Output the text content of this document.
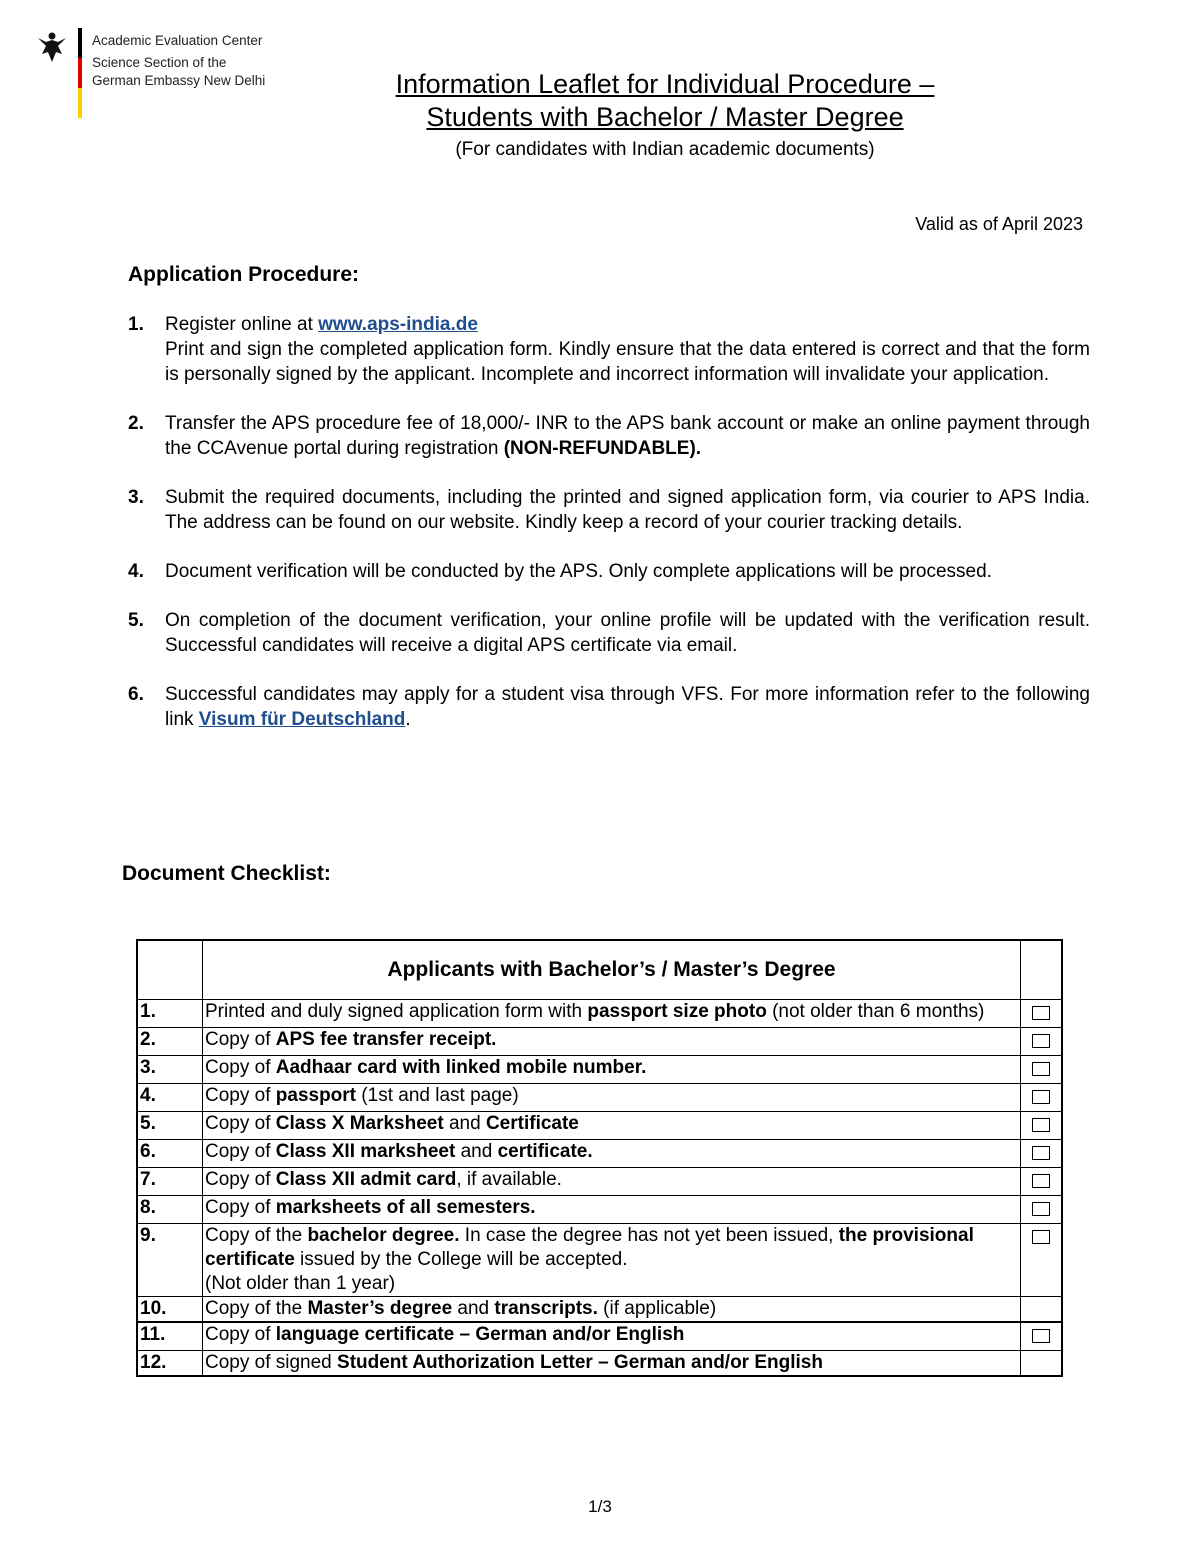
Academic Evaluation Center
Science Section of the
German Embassy New Delhi	Information Leaflet for Individual Procedure –
Students with Bachelor / Master Degree
(For candidates with Indian academic documents)
Valid as of April 2023
Application Procedure:
1. Register online at www.aps-india.de
Print and sign the completed application form. Kindly ensure that the data entered is correct and that the form is personally signed by the applicant. Incomplete and incorrect information will invalidate your application.
2. Transfer the APS procedure fee of 18,000/- INR to the APS bank account or make an online payment through the CCAvenue portal during registration (NON-REFUNDABLE).
3. Submit the required documents, including the printed and signed application form, via courier to APS India. The address can be found on our website. Kindly keep a record of your courier tracking details.
4. Document verification will be conducted by the APS. Only complete applications will be processed.
5. On completion of the document verification, your online profile will be updated with the verification result. Successful candidates will receive a digital APS certificate via email.
6. Successful candidates may apply for a student visa through VFS. For more information refer to the following link Visum für Deutschland.
Document Checklist:
	Applicants with Bachelor’s / Master’s Degree	
1.	Printed and duly signed application form with passport size photo (not older than 6 months)	
2.	Copy of APS fee transfer receipt.	
3.	Copy of Aadhaar card with linked mobile number.	
4.	Copy of passport (1st and last page)	
5.	Copy of Class X Marksheet and Certificate	
6.	Copy of Class XII marksheet and certificate.	
7.	Copy of Class XII admit card, if available.	
8.	Copy of marksheets of all semesters.	
9.	Copy of the bachelor degree. In case the degree has not yet been issued, the provisional certificate issued by the College will be accepted.
(Not older than 1 year)	
10.	Copy of the Master’s degree and transcripts. (if applicable)	
11.	Copy of language certificate – German and/or English	
12.	Copy of signed Student Authorization Letter – German and/or English	
1/3
